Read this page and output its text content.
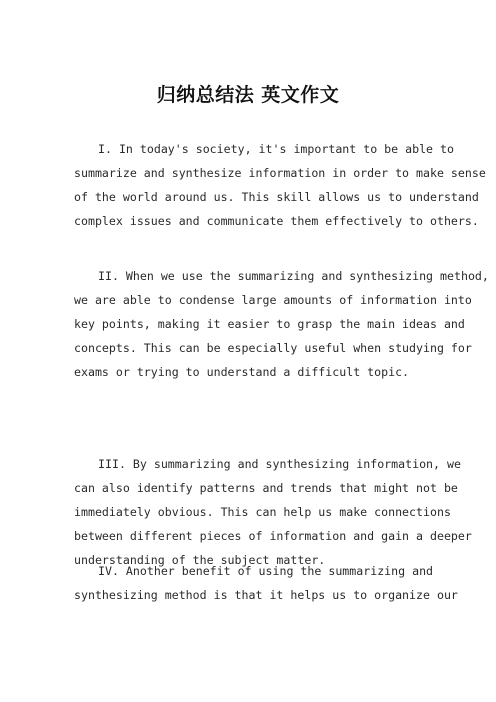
归纳总结法 英文作文
I. In today's society, it's important to be able to
summarize and synthesize information in order to make sense
of the world around us. This skill allows us to understand
complex issues and communicate them effectively to others.
II. When we use the summarizing and synthesizing method,
we are able to condense large amounts of information into
key points, making it easier to grasp the main ideas and
concepts. This can be especially useful when studying for
exams or trying to understand a difficult topic.
III. By summarizing and synthesizing information, we
can also identify patterns and trends that might not be
immediately obvious. This can help us make connections
between different pieces of information and gain a deeper
understanding of the subject matter.
IV. Another benefit of using the summarizing and
synthesizing method is that it helps us to organize our
